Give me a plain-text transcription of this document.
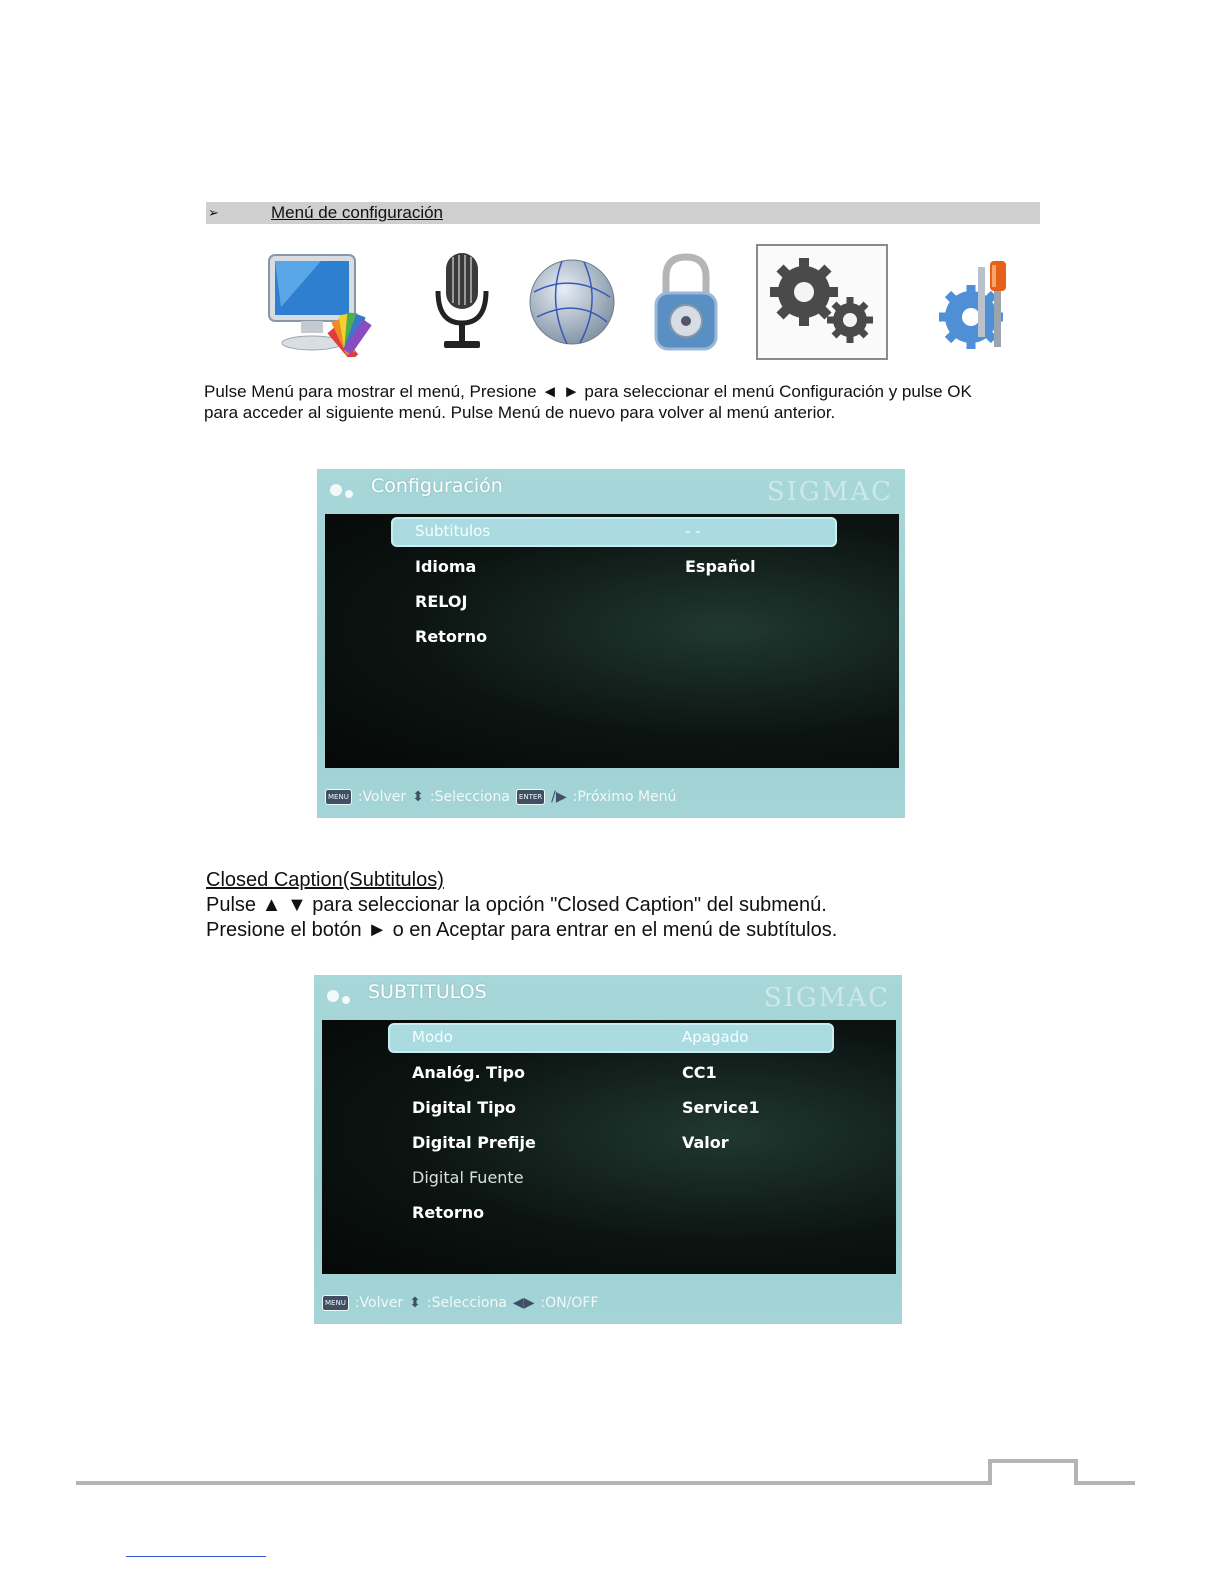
➢	Menú de configuración
Pulse Menú para mostrar el menú, Presione ◄ ► para seleccionar el menú Configuración y pulse OK
para acceder al siguiente menú. Pulse Menú de nuevo para volver al menú anterior.
Configuración	SIGMAC
Subtitulos	- -
Idioma	Español
RELOJ
Retorno
MENU :Volver ⬍ :Selecciona	ENTER /▶ :Próximo Menú
Closed Caption(Subtitulos)
Pulse ▲ ▼ para seleccionar la opción "Closed Caption" del submenú.
Presione el botón ► o en Aceptar para entrar en el menú de subtítulos.
SUBTITULOS	SIGMAC
Modo	Apagado
Analóg. Tipo	CC1
Digital Tipo	Service1
Digital Prefije	Valor
Digital Fuente
Retorno
MENU :Volver ⬍ :Selecciona ◀▶ :ON/OFF
